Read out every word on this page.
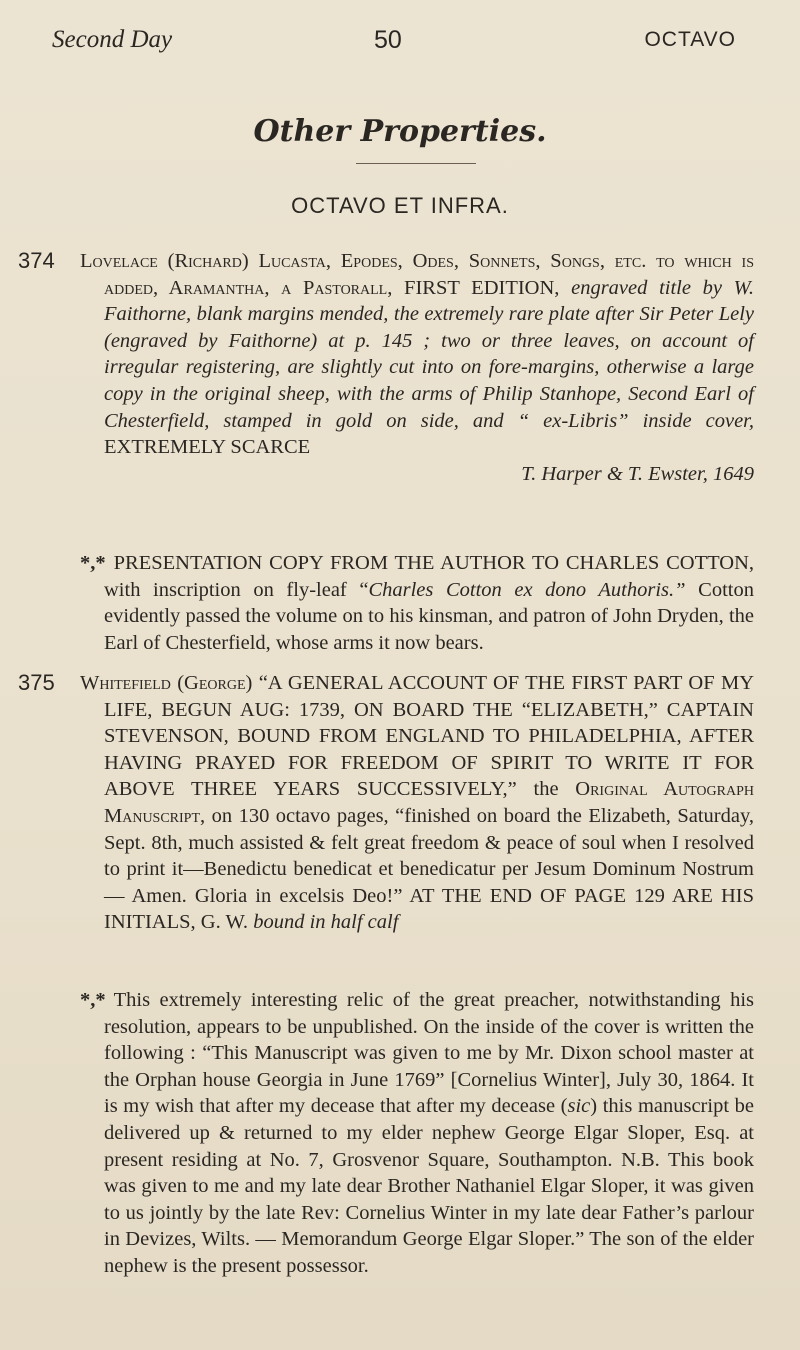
Second Day	50	OCTAVO
Other Properties.
OCTAVO ET INFRA.
374 Lovelace (Richard) Lucasta, Epodes, Odes, Sonnets, Songs, etc. to which is added, Aramantha, a Pastorall, FIRST EDITION, engraved title by W. Faithorne, blank margins mended, the extremely rare plate after Sir Peter Lely (engraved by Faithorne) at p. 145 ; two or three leaves, on account of irregular registering, are slightly cut into on fore-margins, otherwise a large copy in the original sheep, with the arms of Philip Stanhope, Second Earl of Chesterfield, stamped in gold on side, and “ ex-Libris” inside cover, EXTREMELY SCARCE

T. Harper & T. Ewster, 1649
*,* PRESENTATION COPY FROM THE AUTHOR TO CHARLES COTTON, with inscription on fly-leaf “Charles Cotton ex dono Authoris.” Cotton evidently passed the volume on to his kinsman, and patron of John Dryden, the Earl of Chesterfield, whose arms it now bears.
375 Whitefield (George) “A GENERAL ACCOUNT OF THE FIRST PART OF MY LIFE, BEGUN AUG: 1739, ON BOARD THE “ELIZABETH,” CAPTAIN STEVENSON, BOUND FROM ENGLAND TO PHILADELPHIA, AFTER HAVING PRAYED FOR FREEDOM OF SPIRIT TO WRITE IT FOR ABOVE THREE YEARS SUCCESSIVELY,” the Original Autograph Manuscript, on 130 octavo pages, “finished on board the Elizabeth, Saturday, Sept. 8th, much assisted & felt great freedom & peace of soul when I resolved to print it—Benedictu benedicat et benedicatur per Jesum Dominum Nostrum — Amen. Gloria in excelsis Deo!” AT THE END OF PAGE 129 ARE HIS INITIALS, G. W. bound in half calf
*,* This extremely interesting relic of the great preacher, notwithstanding his resolution, appears to be unpublished. On the inside of the cover is written the following : “This Manuscript was given to me by Mr. Dixon school master at the Orphan house Georgia in June 1769” [Cornelius Winter], July 30, 1864. It is my wish that after my decease that after my decease (sic) this manuscript be delivered up & returned to my elder nephew George Elgar Sloper, Esq. at present residing at No. 7, Grosvenor Square, Southampton. N.B. This book was given to me and my late dear Brother Nathaniel Elgar Sloper, it was given to us jointly by the late Rev: Cornelius Winter in my late dear Father’s parlour in Devizes, Wilts. — Memorandum George Elgar Sloper.” The son of the elder nephew is the present possessor.
